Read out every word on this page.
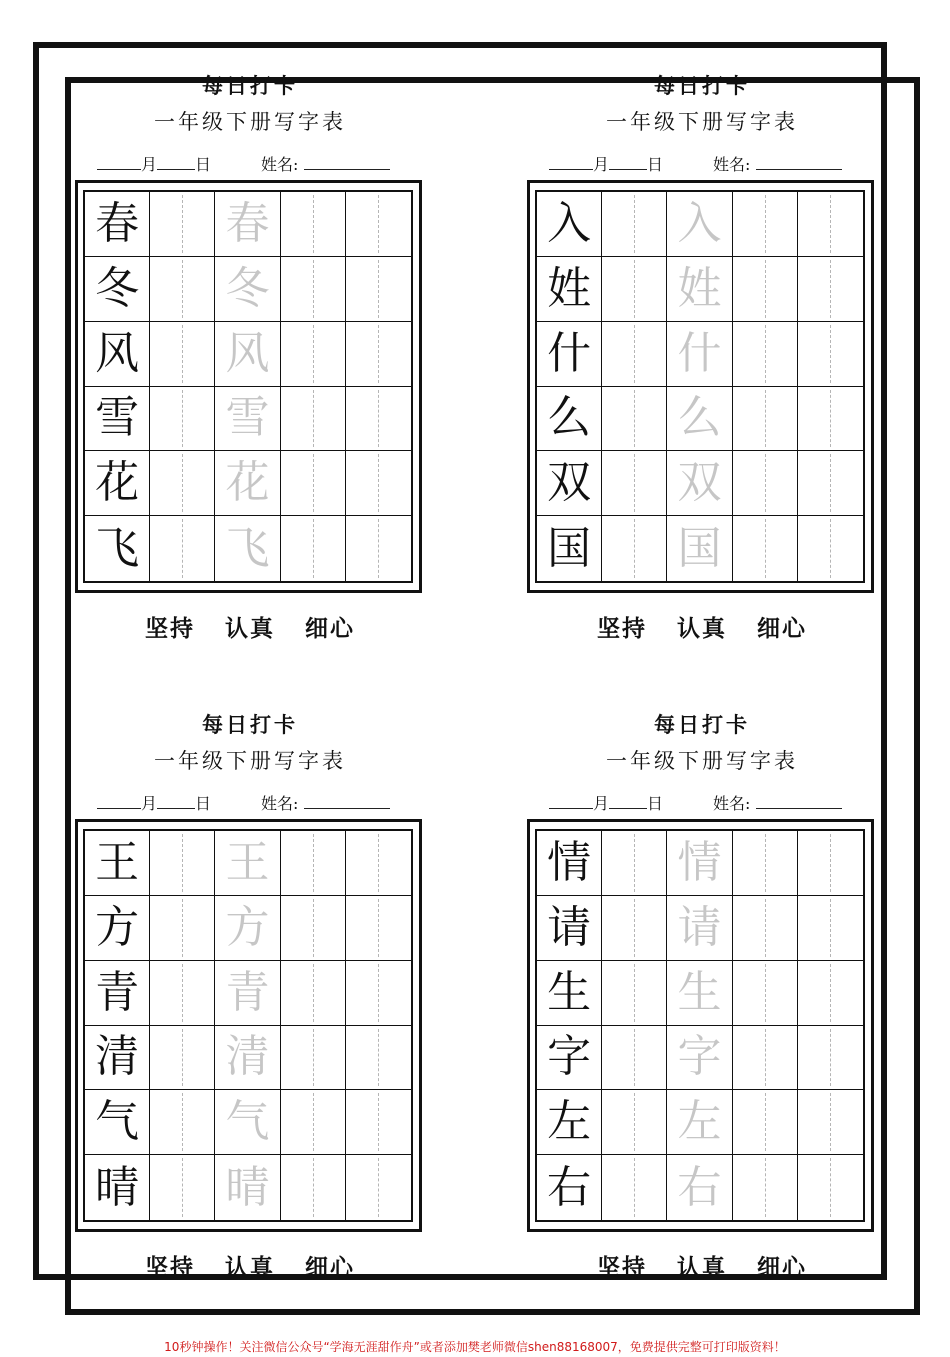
每日打卡
一年级下册写字表
月 日	姓名:
春 春
冬 冬
风 风
雪 雪
花 花
飞 飞
坚持 认真 细心
每日打卡
一年级下册写字表
月 日	姓名:
入 入
姓 姓
什 什
么 么
双 双
国 国
坚持 认真 细心
每日打卡
一年级下册写字表
月 日	姓名:
王 王
方 方
青 青
清 清
气 气
晴 晴
坚持 认真 细心
每日打卡
一年级下册写字表
月 日	姓名:
情 情
请 请
生 生
字 字
左 左
右 右
坚持 认真 细心
10秒钟操作！关注微信公众号“学海无涯甜作舟”或者添加樊老师微信shen88168007，免费提供完整可打印版资料！
